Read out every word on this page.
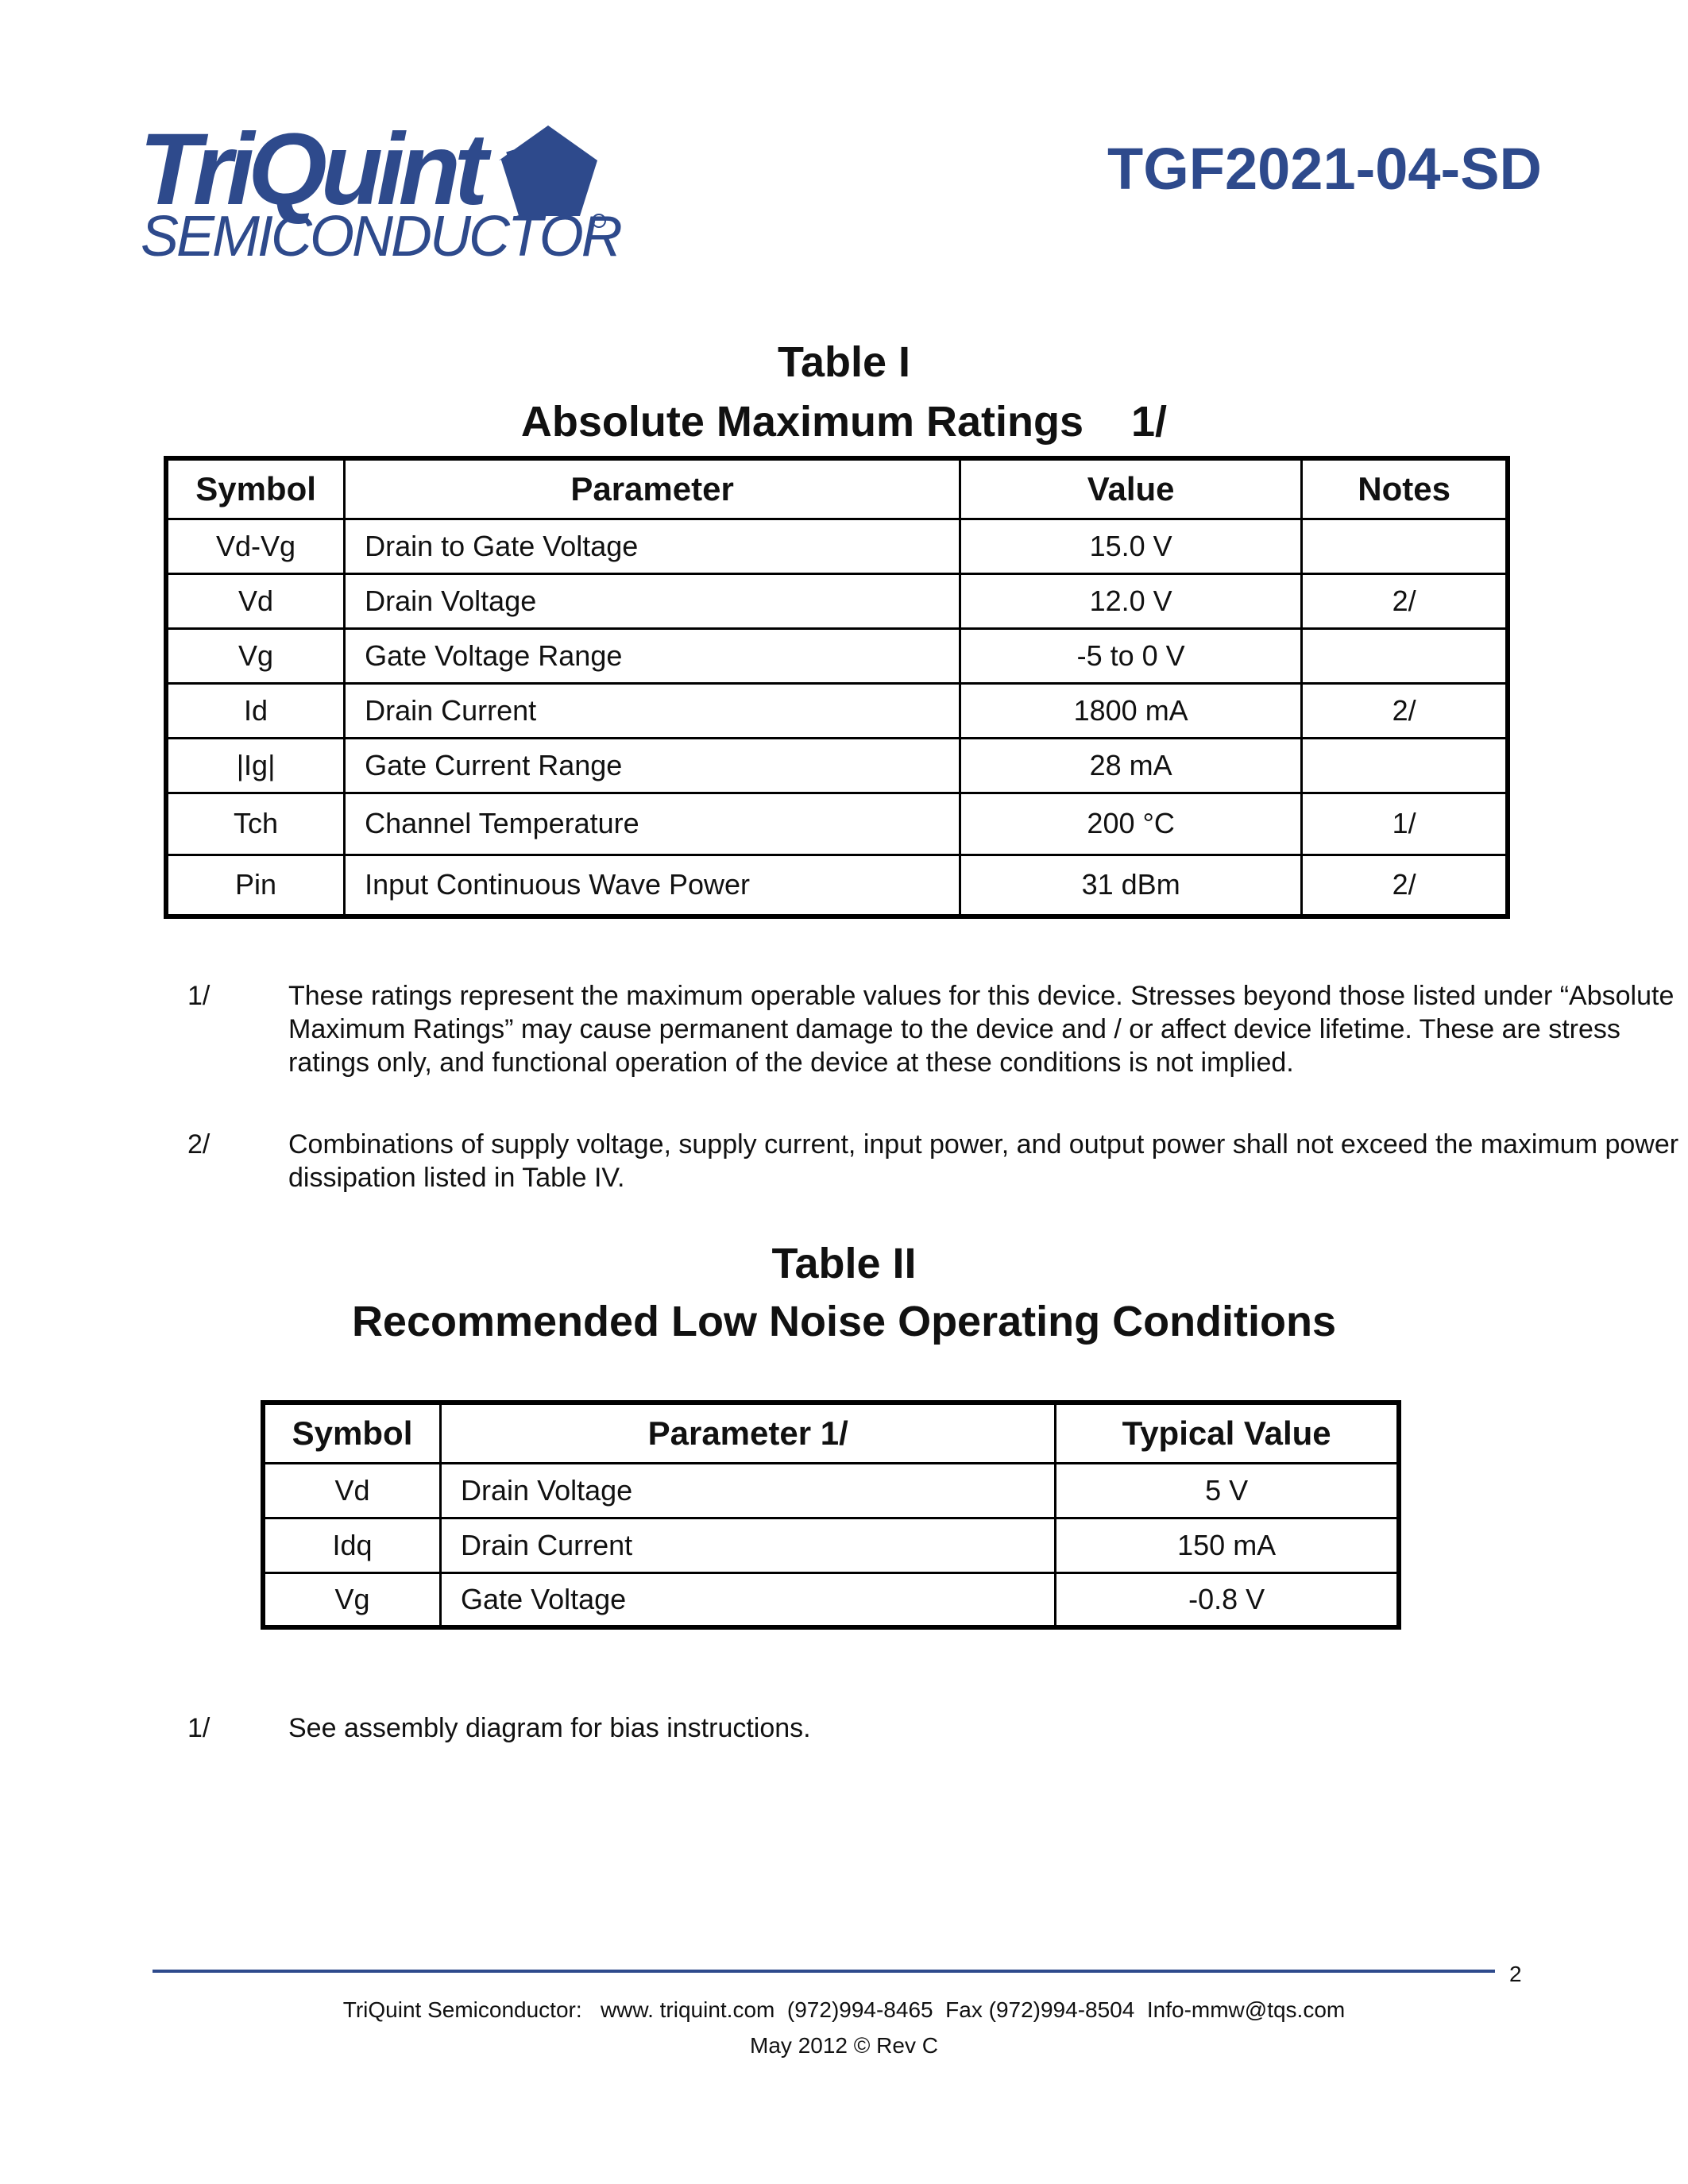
TriQuint
SEMICONDUCTOR
TGF2021-04-SD
Table I
Absolute Maximum Ratings    1/
Symbol	Parameter	Value	Notes
Vd-Vg	Drain to Gate Voltage	15.0 V	
Vd	Drain Voltage	12.0 V	2/
Vg	Gate Voltage Range	-5 to 0 V	
Id	Drain Current	1800 mA	2/
|Ig|	Gate Current Range	28 mA	
Tch	Channel Temperature	200 °C	1/
Pin	Input Continuous Wave Power	31 dBm	2/
1/	These ratings represent the maximum operable values for this device. Stresses beyond those listed under “Absolute Maximum Ratings” may cause permanent damage to the device and / or affect device lifetime. These are stress ratings only, and functional operation of the device at these conditions is not implied.
2/	Combinations of supply voltage, supply current, input power, and output power shall not exceed the maximum power dissipation listed in Table IV.
Table II
Recommended Low Noise Operating Conditions
Symbol	Parameter 1/	Typical Value
Vd	Drain Voltage	5 V
Idq	Drain Current	150 mA
Vg	Gate Voltage	-0.8 V
1/	See assembly diagram for bias instructions.
2
TriQuint Semiconductor:   www. triquint.com  (972)994-8465  Fax (972)994-8504  Info-mmw@tqs.com
May 2012 © Rev C
